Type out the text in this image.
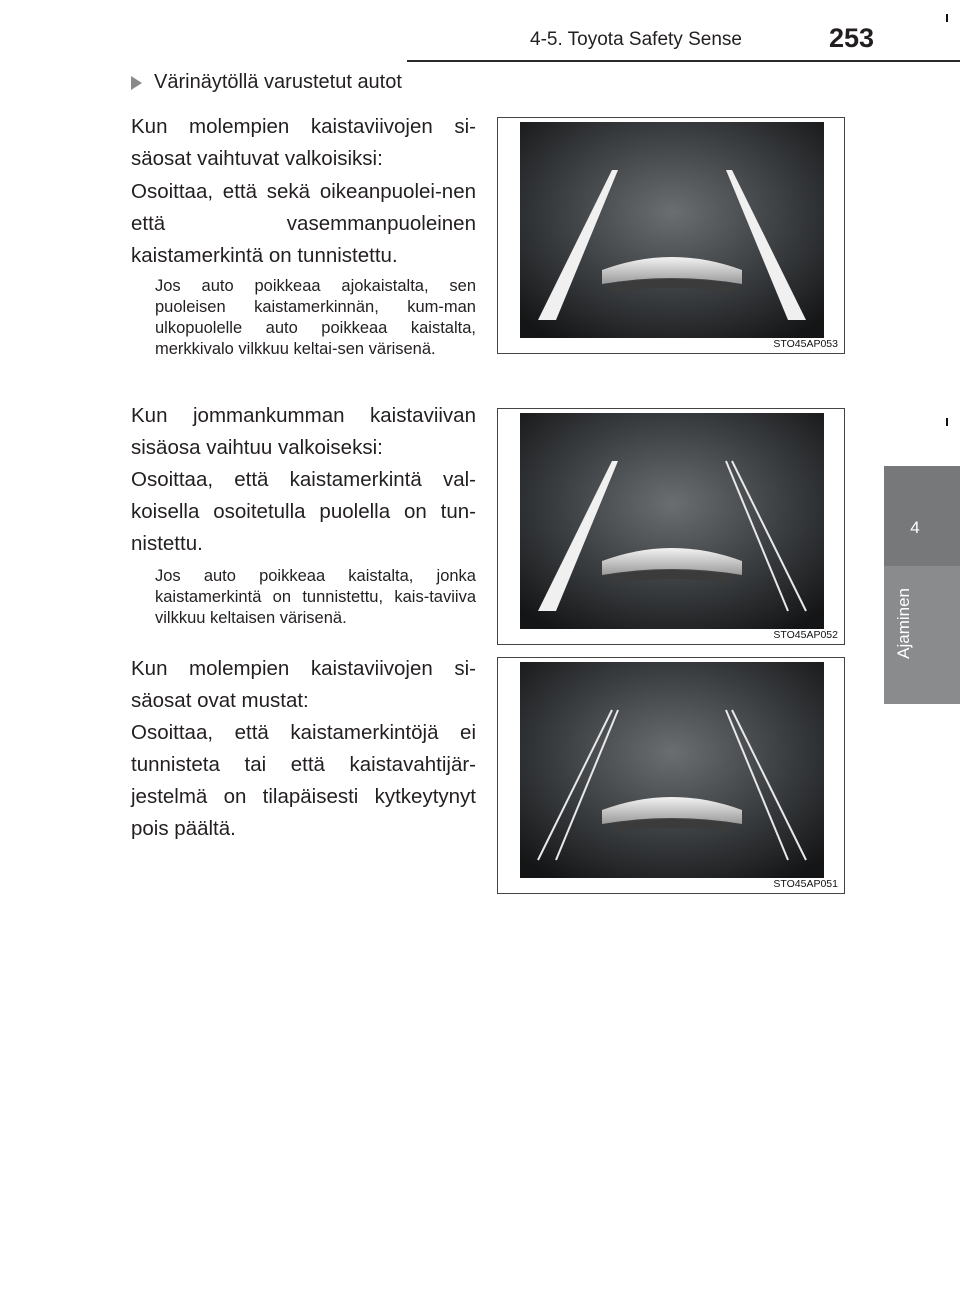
4-5. Toyota Safety Sense	253
4
Ajaminen
Värinäytöllä varustetut autot

Kun molempien kaistaviivojen si-säosat vaihtuvat valkoisiksi:

Osoittaa, että sekä oikeanpuolei-nen että vasemmanpuoleinen kaistamerkintä on tunnistettu.

Jos auto poikkeaa ajokaistalta, sen puoleisen kaistamerkinnän, kum-man ulkopuolelle auto poikkeaa kaistalta, merkkivalo vilkkuu keltai-sen värisenä.

Kun jommankumman kaistaviivan sisäosa vaihtuu valkoiseksi:

Osoittaa, että kaistamerkintä val-koisella osoitetulla puolella on tun-nistettu.

Jos auto poikkeaa kaistalta, jonka kaistamerkintä on tunnistettu, kais-taviiva vilkkuu keltaisen värisenä.

Kun molempien kaistaviivojen si-säosat ovat mustat:

Osoittaa, että kaistamerkintöjä ei tunnisteta tai että kaistavahtijär-jestelmä on tilapäisesti kytkeytynyt pois päältä.

STO45AP053
STO45AP052
STO45AP051
